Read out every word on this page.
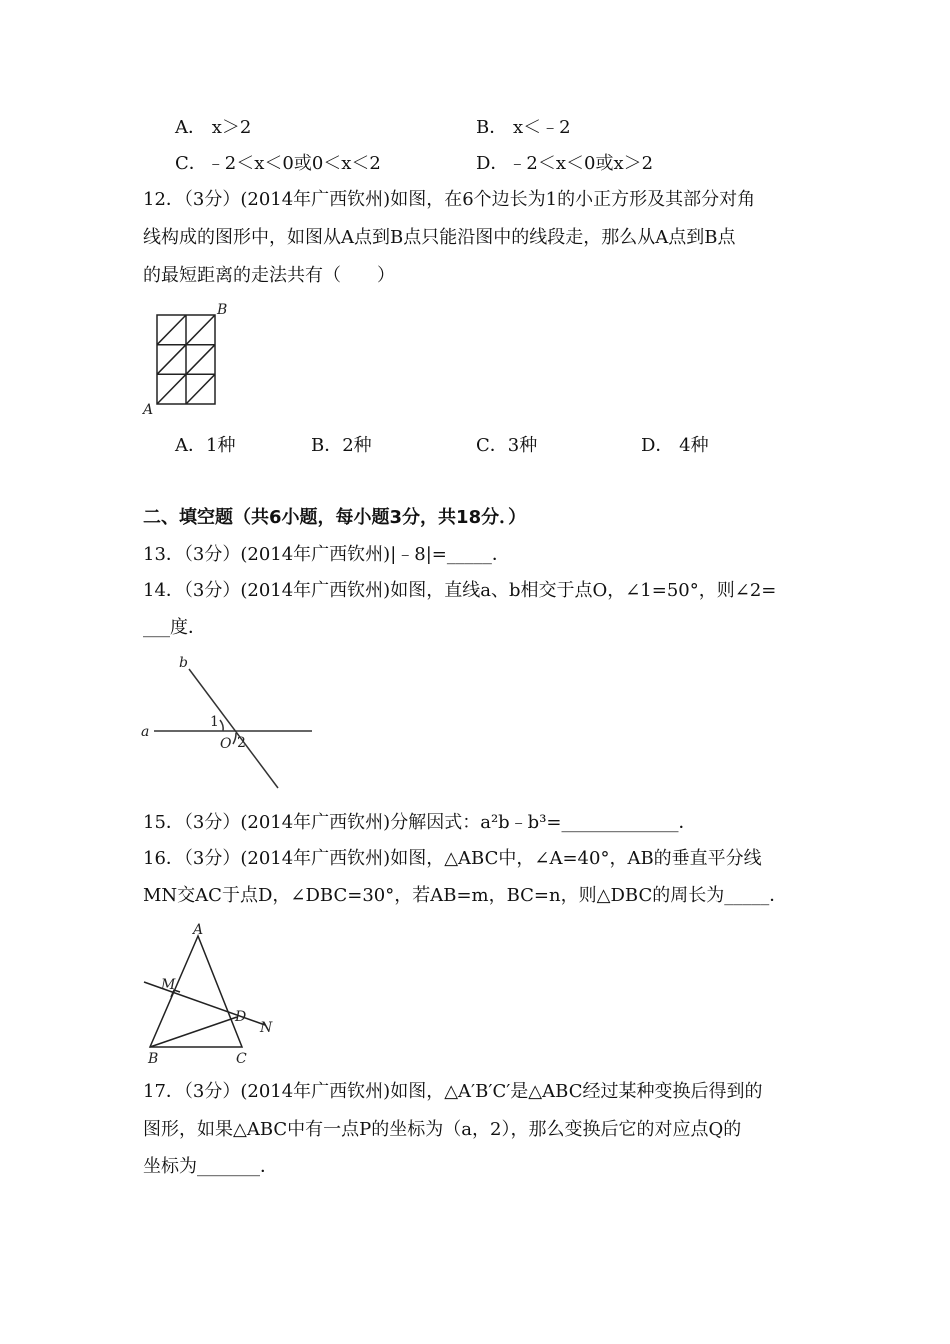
A． x＞2	B． x＜﹣2
C．﹣2＜x＜0或0＜x＜2	D．﹣2＜x＜0或x＞2
12．（3分）(2014年广西钦州)如图，在6个边长为1的小正方形及其部分对角
线构成的图形中，如图从A点到B点只能沿图中的线段走，那么从A点到B点
的最短距离的走法共有（　　）
A
B
A．1种	B．2种	C．3种	D． 4种
二、填空题（共6小题，每小题3分，共18分．）
13．（3分）(2014年广西钦州)|﹣8|=_____．
14．（3分）(2014年广西钦州)如图，直线a、b相交于点O，∠1=50°，则∠2=
___度．
a
b
O
1
2
15．（3分）(2014年广西钦州)分解因式：a²b﹣b³=_____________．
16．（3分）(2014年广西钦州)如图，△ABC中，∠A=40°，AB的垂直平分线
MN交AC于点D，∠DBC=30°，若AB=m，BC=n，则△DBC的周长为_____．
A
B	C
D
M
N
17．（3分）(2014年广西钦州)如图，△A′B′C′是△ABC经过某种变换后得到的
图形，如果△ABC中有一点P的坐标为（a，2），那么变换后它的对应点Q的
坐标为_______．
